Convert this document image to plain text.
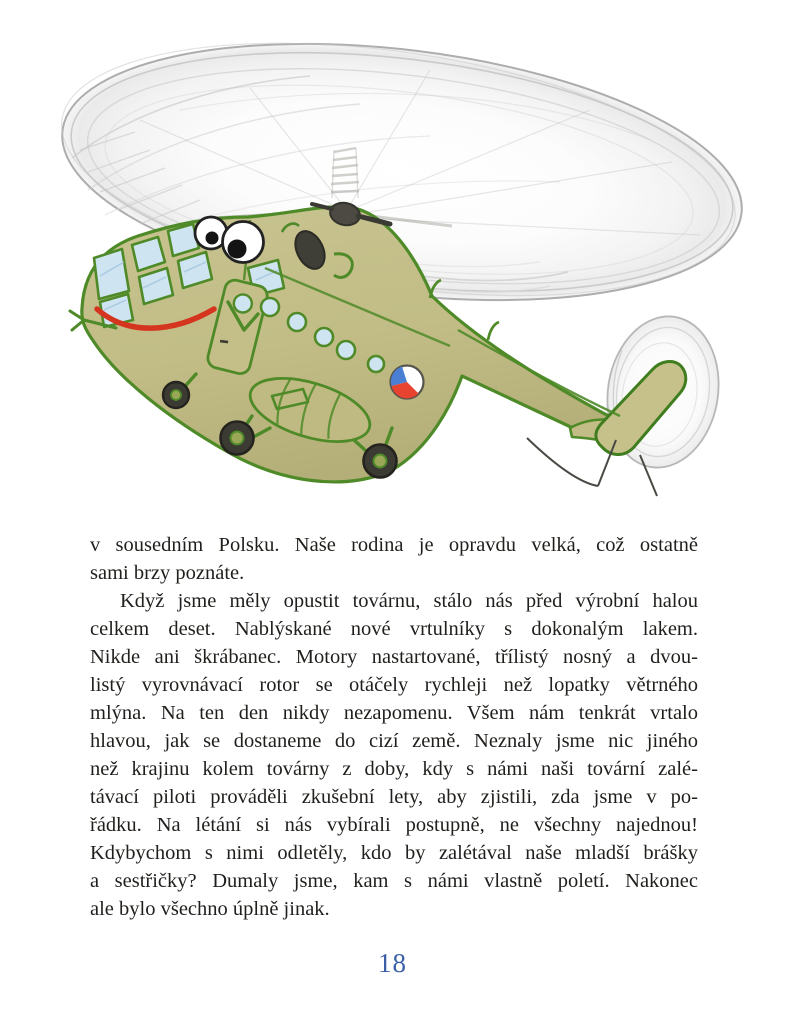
v sousedním Polsku. Naše rodina je opravdu velká, což ostatně
sami brzy poznáte.
Když jsme měly opustit továrnu, stálo nás před výrobní halou
celkem deset. Nablýskané nové vrtulníky s dokonalým lakem.
Nikde ani škrábanec. Motory nastartované, třílistý nosný a dvou-
listý vyrovnávací rotor se otáčely rychleji než lopatky větrného
mlýna. Na ten den nikdy nezapomenu. Všem nám tenkrát vrtalo
hlavou, jak se dostaneme do cizí země. Neznaly jsme nic jiného
než krajinu kolem továrny z doby, kdy s námi naši tovární zalé-
távací piloti prováděli zkušební lety, aby zjistili, zda jsme v po-
řádku. Na létání si nás vybírali postupně, ne všechny najednou!
Kdybychom s nimi odletěly, kdo by zalétával naše mladší brášky
a sestřičky? Dumaly jsme, kam s námi vlastně poletí. Nakonec
ale bylo všechno úplně jinak.
18
